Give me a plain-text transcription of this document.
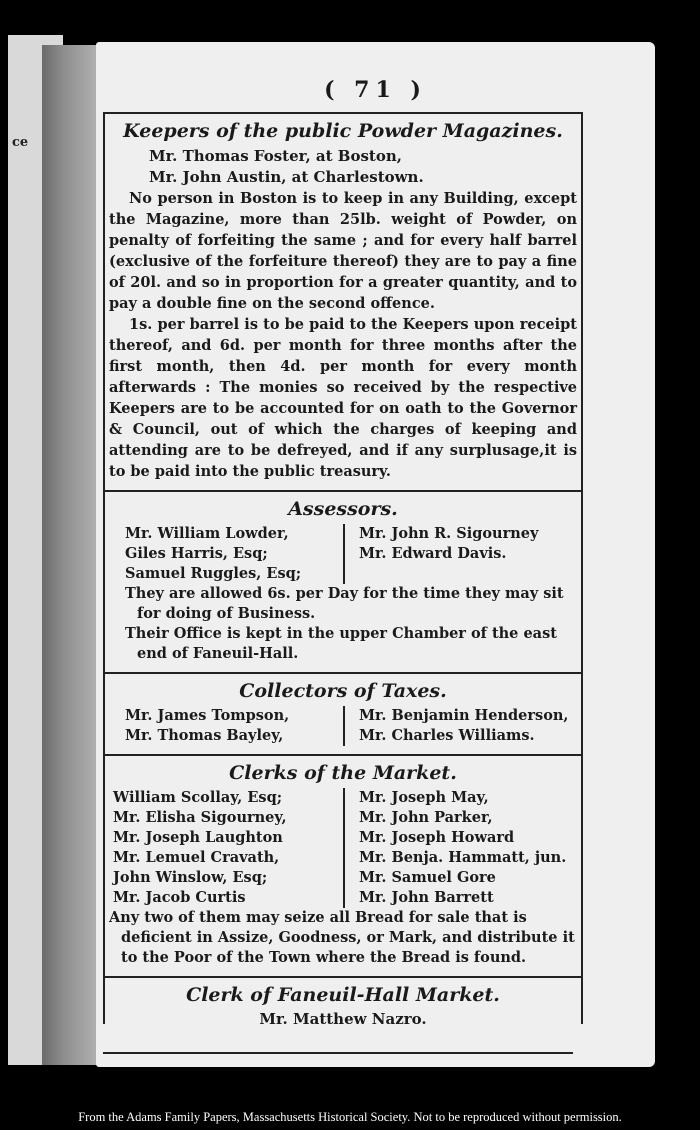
ce
( 71 )
Keepers of the public Powder Magazines.
Mr. Thomas Foster, at Boston,
Mr. John Austin, at Charlestown.

No person in Boston is to keep in any Building, except the Magazine, more than 25lb. weight of Powder, on penalty of forfeiting the same ; and for every half barrel (exclusive of the forfeiture thereof) they are to pay a fine of 20l. and so in proportion for a greater quantity, and to pay a double fine on the second offence.

1s. per barrel is to be paid to the Keepers upon receipt thereof, and 6d. per month for three months after the first month, then 4d. per month for every month afterwards : The monies so received by the respective Keepers are to be accounted for on oath to the Governor & Council, out of which the charges of keeping and attending are to be defreyed, and if any surplusage,it is to be paid into the public treasury.

Assessors.
Mr. William Lowder,
Giles Harris, Esq;
Samuel Ruggles, Esq;
Mr. John R. Sigourney
Mr. Edward Davis.

They are allowed 6s. per Day for the time they may sit for doing of Business.

Their Office is kept in the upper Chamber of the east end of Faneuil-Hall.

Collectors of Taxes.
Mr. James Tompson,
Mr. Thomas Bayley,
Mr. Benjamin Henderson,
Mr. Charles Williams.
Clerks of the Market.
William Scollay, Esq;
Mr. Elisha Sigourney,
Mr. Joseph Laughton
Mr. Lemuel Cravath,
John Winslow, Esq;
Mr. Jacob Curtis
Mr. Joseph May,
Mr. John Parker,
Mr. Joseph Howard
Mr. Benja. Hammatt, jun.
Mr. Samuel Gore
Mr. John Barrett

Any two of them may seize all Bread for sale that is deficient in Assize, Goodness, or Mark, and distribute it to the Poor of the Town where the Bread is found.

Clerk of Faneuil-Hall Market.
Mr. Matthew Nazro.
From the Adams Family Papers, Massachusetts Historical Society. Not to be reproduced without permission.
